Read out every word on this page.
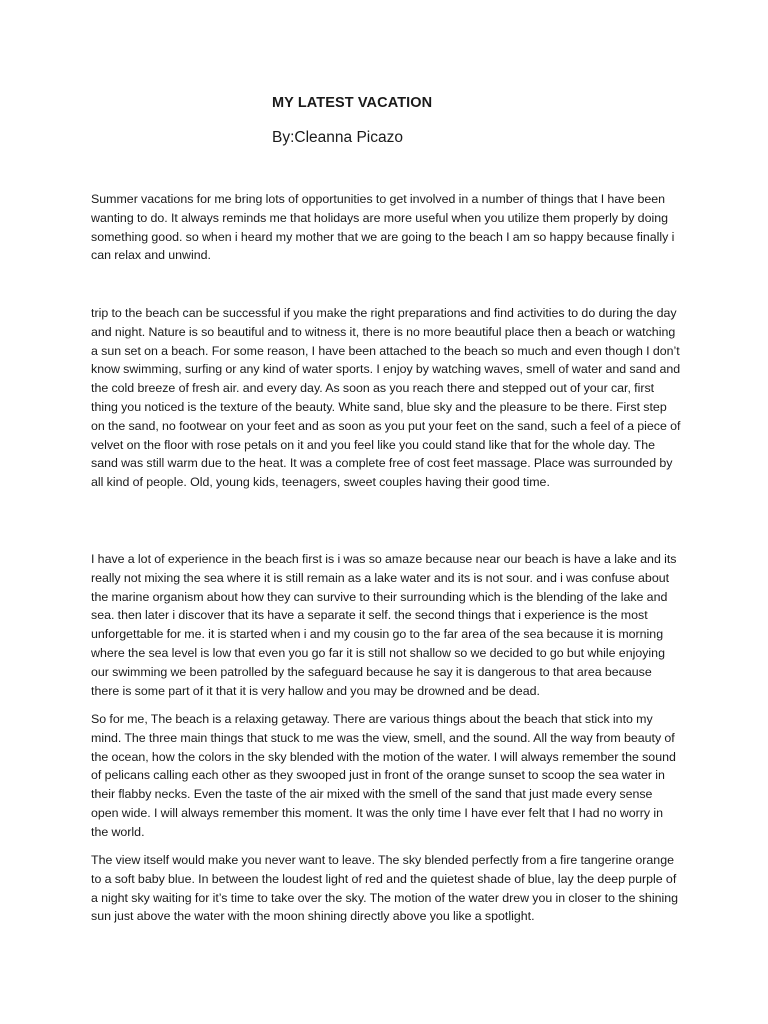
MY LATEST VACATION
By:Cleanna Picazo

Summer vacations for me bring lots of opportunities to get involved in a number of things that I have been wanting to do. It always reminds me that holidays are more useful when you utilize them properly by doing something good. so when i heard my mother that we are going to the beach I am so happy because finally i can relax and unwind.

trip to the beach can be successful if you make the right preparations and find activities to do during the day and night. Nature is so beautiful and to witness it, there is no more beautiful place then a beach or watching a sun set on a beach. For some reason, I have been attached to the beach so much and even though I don’t know swimming, surfing or any kind of water sports. I enjoy by watching waves, smell of water and sand and the cold breeze of fresh air. and every day. As soon as you reach there and stepped out of your car, first thing you noticed is the texture of the beauty. White sand, blue sky and the pleasure to be there. First step on the sand, no footwear on your feet and as soon as you put your feet on the sand, such a feel of a piece of velvet on the floor with rose petals on it and you feel like you could stand like that for the whole day. The sand was still warm due to the heat. It was a complete free of cost feet massage. Place was surrounded by all kind of people. Old, young kids, teenagers, sweet couples having their good time.

I have a lot of experience in the beach first is i was so amaze because near our beach is have a lake and its really not mixing the sea where it is still remain as a lake water and its is not sour. and i was confuse about the marine organism about how they can survive to their surrounding which is the blending of the lake and sea. then later i discover that its have a separate it self. the second things that i experience is the most unforgettable for me. it is started when i and my cousin go to the far area of the sea because it is morning where the sea level is low that even you go far it is still not shallow so we decided to go but while enjoying our swimming we been patrolled by the safeguard because he say it is dangerous to that area because there is some part of it that it is very hallow and you may be drowned and be dead.

So for me, The beach is a relaxing getaway. There are various things about the beach that stick into my mind. The three main things that stuck to me was the view, smell, and the sound. All the way from beauty of the ocean, how the colors in the sky blended with the motion of the water. I will always remember the sound of pelicans calling each other as they swooped just in front of the orange sunset to scoop the sea water in their flabby necks. Even the taste of the air mixed with the smell of the sand that just made every sense open wide. I will always remember this moment. It was the only time I have ever felt that I had no worry in the world.

The view itself would make you never want to leave. The sky blended perfectly from a fire tangerine orange to a soft baby blue. In between the loudest light of red and the quietest shade of blue, lay the deep purple of a night sky waiting for it’s time to take over the sky. The motion of the water drew you in closer to the shining sun just above the water with the moon shining directly above you like a spotlight.
